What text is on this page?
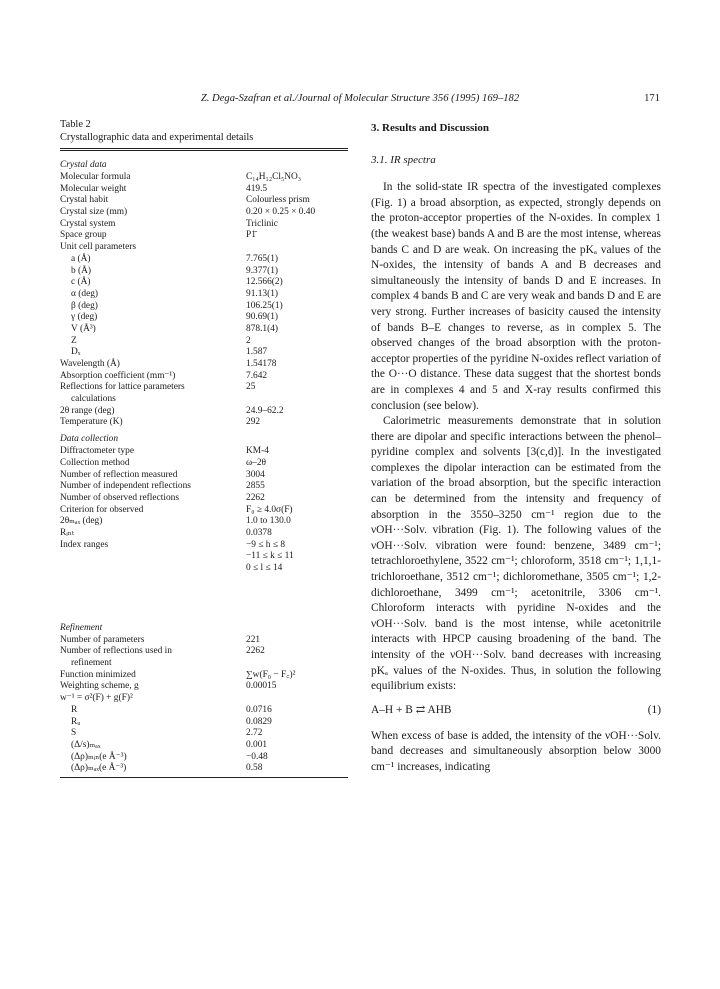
Z. Dega-Szafran et al./Journal of Molecular Structure 356 (1995) 169–182	171
Table 2
Crystallographic data and experimental details
Crystal data
Molecular formula	C₁₄H₁₂Cl₅NO₃
Molecular weight	419.5
Crystal habit	Colourless prism
Crystal size (mm)	0.20 × 0.25 × 0.40
Crystal system	Triclinic
Space group	P1̄
Unit cell parameters
a (Å)	7.765(1)
b (Å)	9.377(1)
c (Å)	12.566(2)
α (deg)	91.13(1)
β (deg)	106.25(1)
γ (deg)	90.69(1)
V (Å³)	878.1(4)
Z	2
Dₓ	1.587
Wavelength (Å)	1.54178
Absorption coefficient (mm⁻¹)	7.642
Reflections for lattice parameters	25
calculations
2θ range (deg)	24.9–62.2
Temperature (K)	292
Data collection
Diffractometer type	KM-4
Collection method	ω–2θ
Number of reflection measured	3004
Number of independent reflections	2855
Number of observed reflections	2262
Criterion for observed	F₀ ≥ 4.0σ(F)
2θₘₐₓ (deg)	1.0 to 130.0
Rᵢₙₜ	0.0378
Index ranges	−9 ≤ h ≤ 8
−11 ≤ k ≤ 11
0 ≤ l ≤ 14
Refinement
Number of parameters	221
Number of reflections used in	2262
refinement
Function minimized	∑w(F₀ − F꜀)²
Weighting scheme, g	0.00015
w⁻¹ = σ²(F) + g(F)²
R	0.0716
Rᵤ	0.0829
S	2.72
(Δ/s)ₘₐₓ	0.001
(Δρ)ₘᵢₙ(e Å⁻³)	−0.48
(Δρ)ₘₐₓ(e Å⁻³)	0.58
3. Results and Discussion
3.1. IR spectra

In the solid-state IR spectra of the investigated complexes (Fig. 1) a broad absorption, as expected, strongly depends on the proton-acceptor properties of the N-oxides. In complex 1 (the weakest base) bands A and B are the most intense, whereas bands C and D are weak. On increasing the pKₐ values of the N-oxides, the intensity of bands A and B decreases and simultaneously the intensity of bands D and E increases. In complex 4 bands B and C are very weak and bands D and E are very strong. Further increases of basicity caused the intensity of bands B–E changes to reverse, as in complex 5. The observed changes of the broad absorption with the proton-acceptor properties of the pyridine N-oxides reflect variation of the O···O distance. These data suggest that the shortest bonds are in complexes 4 and 5 and X-ray results confirmed this conclusion (see below).

Calorimetric measurements demonstrate that in solution there are dipolar and specific interactions between the phenol–pyridine complex and solvents [3(c,d)]. In the investigated complexes the dipolar interaction can be estimated from the variation of the broad absorption, but the specific interaction can be determined from the intensity and frequency of absorption in the 3550–3250 cm⁻¹ region due to the νOH···Solv. vibration (Fig. 1). The following values of the νOH···Solv. vibration were found: benzene, 3489 cm⁻¹; tetrachloroethylene, 3522 cm⁻¹; chloroform, 3518 cm⁻¹; 1,1,1-trichloroethane, 3512 cm⁻¹; dichloromethane, 3505 cm⁻¹; 1,2-dichloroethane, 3499 cm⁻¹; acetonitrile, 3306 cm⁻¹. Chloroform interacts with pyridine N-oxides and the νOH···Solv. band is the most intense, while acetonitrile interacts with HPCP causing broadening of the band. The intensity of the νOH···Solv. band decreases with increasing pKₐ values of the N-oxides. Thus, in solution the following equilibrium exists:

A–H + B ⇄ AHB	(1)

When excess of base is added, the intensity of the νOH···Solv. band decreases and simultaneously absorption below 3000 cm⁻¹ increases, indicating
